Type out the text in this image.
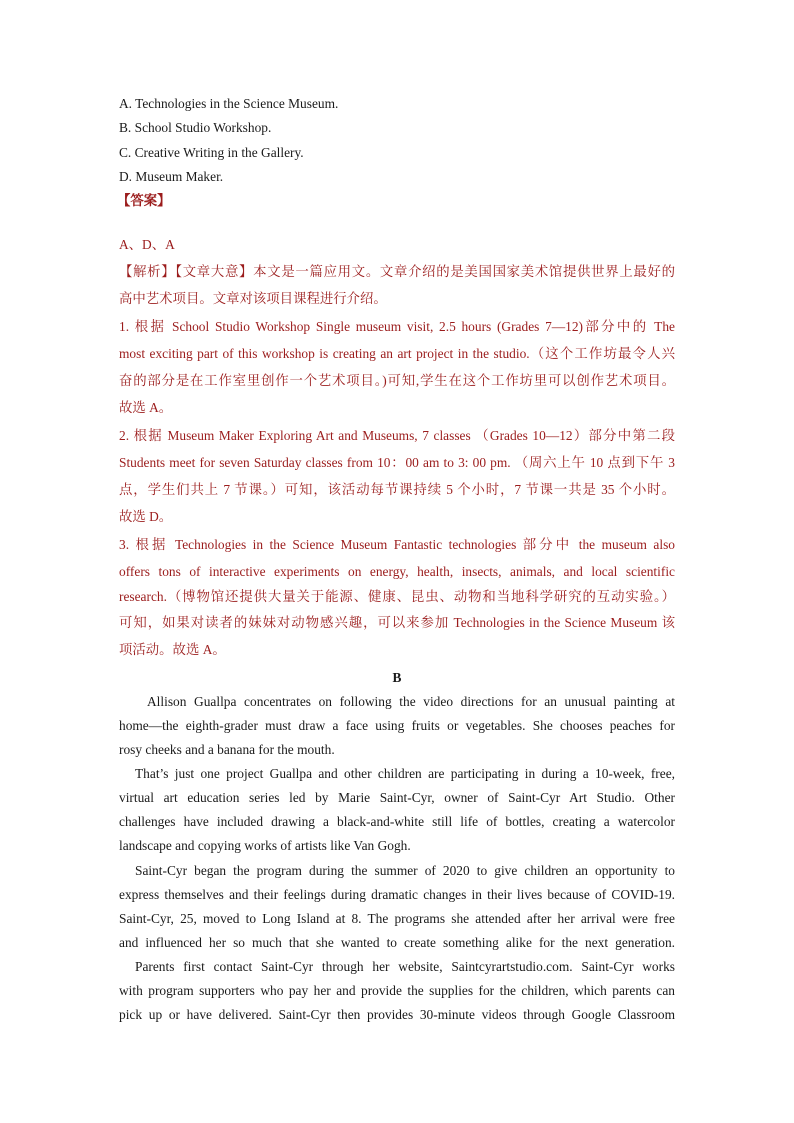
A. Technologies in the Science Museum.
B. School Studio Workshop.
C. Creative Writing in the Gallery.
D. Museum Maker.
【答案】
A、D、A
【解析】【文章大意】本文是一篇应用文。文章介绍的是美国国家美术馆提供世界上最好的
高中艺术项目。文章对该项目课程进行介绍。
1. 根据 School Studio Workshop Single museum visit, 2.5 hours (Grades 7—12)部分中的 The
most exciting part of this workshop is creating an art project in the studio.（这个工作坊最令人兴
奋的部分是在工作室里创作一个艺术项目。)可知,学生在这个工作坊里可以创作艺术项目。
故选 A。
2. 根据 Museum Maker Exploring Art and Museums, 7 classes （Grades 10—12）部分中第二段
Students meet for seven Saturday classes from 10：00 am to 3: 00 pm. （周六上午 10 点到下午 3
点，学生们共上 7 节课。）可知，该活动每节课持续 5 个小时，7 节课一共是 35 个小时。
故选 D。
3. 根据 Technologies in the Science Museum Fantastic technologies 部分中 the museum also
offers tons of interactive experiments on energy, health, insects, animals, and local scientific
research.（博物馆还提供大量关于能源、健康、昆虫、动物和当地科学研究的互动实验。）
可知，如果对读者的妹妹对动物感兴趣，可以来参加 Technologies in the Science Museum 该
项活动。故选 A。
B
Allison Guallpa concentrates on following the video directions for an unusual painting at
home—the eighth-grader must draw a face using fruits or vegetables. She chooses peaches for
rosy cheeks and a banana for the mouth.
That’s just one project Guallpa and other children are participating in during a 10-week, free,
virtual art education series led by Marie Saint-Cyr, owner of Saint-Cyr Art Studio. Other
challenges have included drawing a black-and-white still life of bottles, creating a watercolor
landscape and copying works of artists like Van Gogh.
Saint-Cyr began the program during the summer of 2020 to give children an opportunity to
express themselves and their feelings during dramatic changes in their lives because of COVID-19.
Saint-Cyr, 25, moved to Long Island at 8. The programs she attended after her arrival were free
and influenced her so much that she wanted to create something alike for the next generation.
Parents first contact Saint-Cyr through her website, Saintcyrartstudio.com. Saint-Cyr works
with program supporters who pay her and provide the supplies for the children, which parents can
pick up or have delivered. Saint-Cyr then provides 30-minute videos through Google Classroom
